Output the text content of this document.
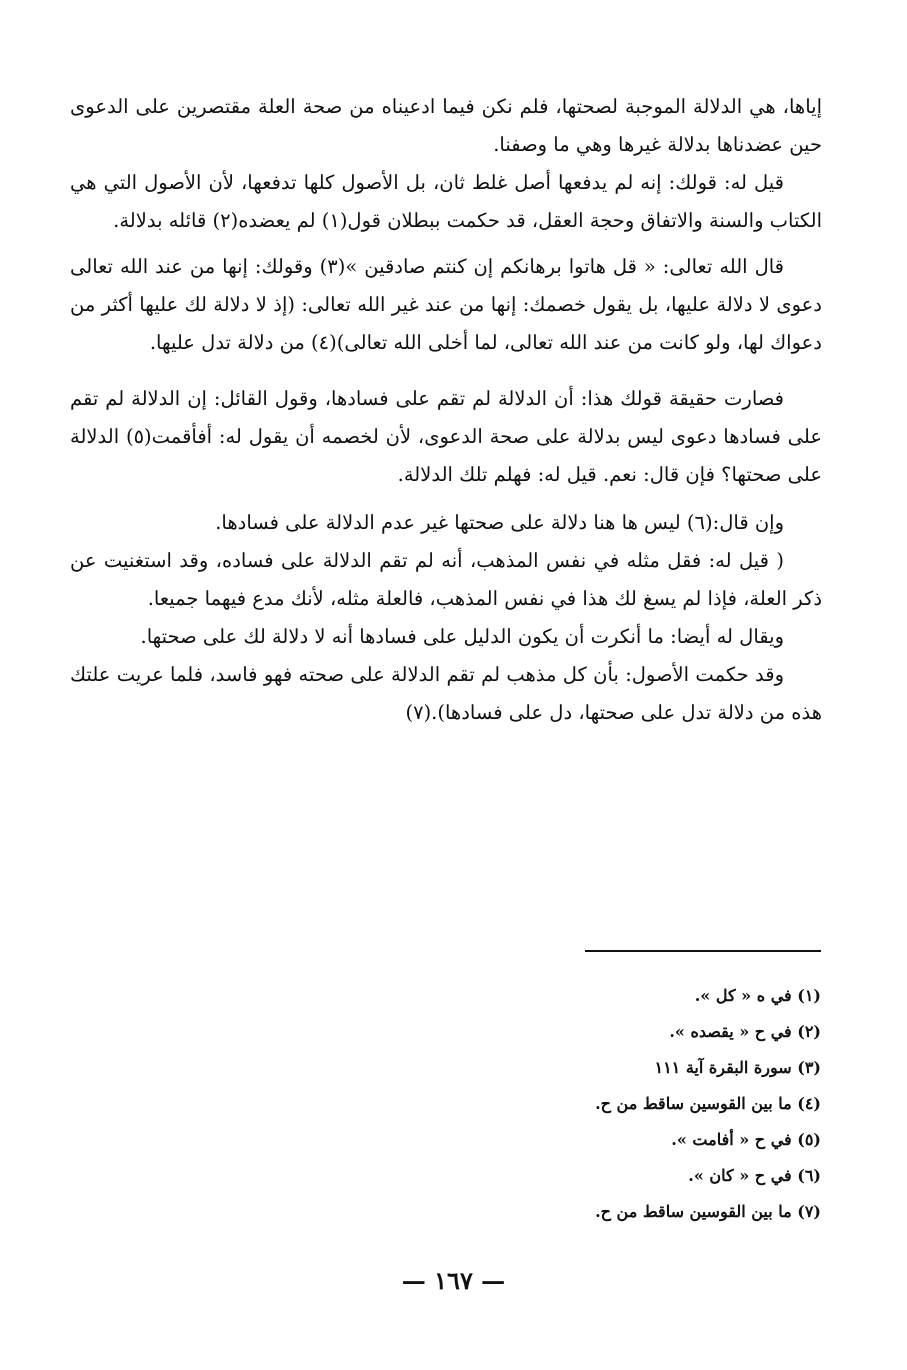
إياها، هي الدلالة الموجبة لصحتها، فلم نكن فيما ادعيناه من صحة العلة مقتصرين على الدعوى حين عضدناها بدلالة غيرها وهي ما وصفنا.

قيل له: قولك: إنه لم يدفعها أصل غلط ثان، بل الأصول كلها تدفعها، لأن الأصول التي هي الكتاب والسنة والاتفاق وحجة العقل، قد حكمت ببطلان قول(١) لم يعضده(٢) قائله بدلالة.

قال الله تعالى: « قل هاتوا برهانكم إن كنتم صادقين »(٣) وقولك: إنها من عند الله تعالى دعوى لا دلالة عليها، بل يقول خصمك: إنها من عند غير الله تعالى: (إذ لا دلالة لك عليها أكثر من دعواك لها، ولو كانت من عند الله تعالى، لما أخلى الله تعالى)(٤) من دلالة تدل عليها.

فصارت حقيقة قولك هذا: أن الدلالة لم تقم على فسادها، وقول القائل: إن الدلالة لم تقم على فسادها دعوى ليس بدلالة على صحة الدعوى، لأن لخصمه أن يقول له: أفأقمت(٥) الدلالة على صحتها؟ فإن قال: نعم. قيل له: فهلم تلك الدلالة.

وإن قال:(٦) ليس ها هنا دلالة على صحتها غير عدم الدلالة على فسادها.

( قيل له: فقل مثله في نفس المذهب، أنه لم تقم الدلالة على فساده، وقد استغنيت عن ذكر العلة، فإذا لم يسغ لك هذا في نفس المذهب، فالعلة مثله، لأنك مدع فيهما جميعا.

ويقال له أيضا: ما أنكرت أن يكون الدليل على فسادها أنه لا دلالة لك على صحتها.

وقد حكمت الأصول: بأن كل مذهب لم تقم الدلالة على صحته فهو فاسد، فلما عريت علتك هذه من دلالة تدل على صحتها، دل على فسادها).(٧)

(١) في ه « كل ».
(٢) في ح « يقصده ».
(٣) سورة البقرة آية ١١١
(٤) ما بين القوسين ساقط من ح.
(٥) في ح « أفامت ».
(٦) في ح « كان ».
(٧) ما بين القوسين ساقط من ح.
— ١٦٧ —
